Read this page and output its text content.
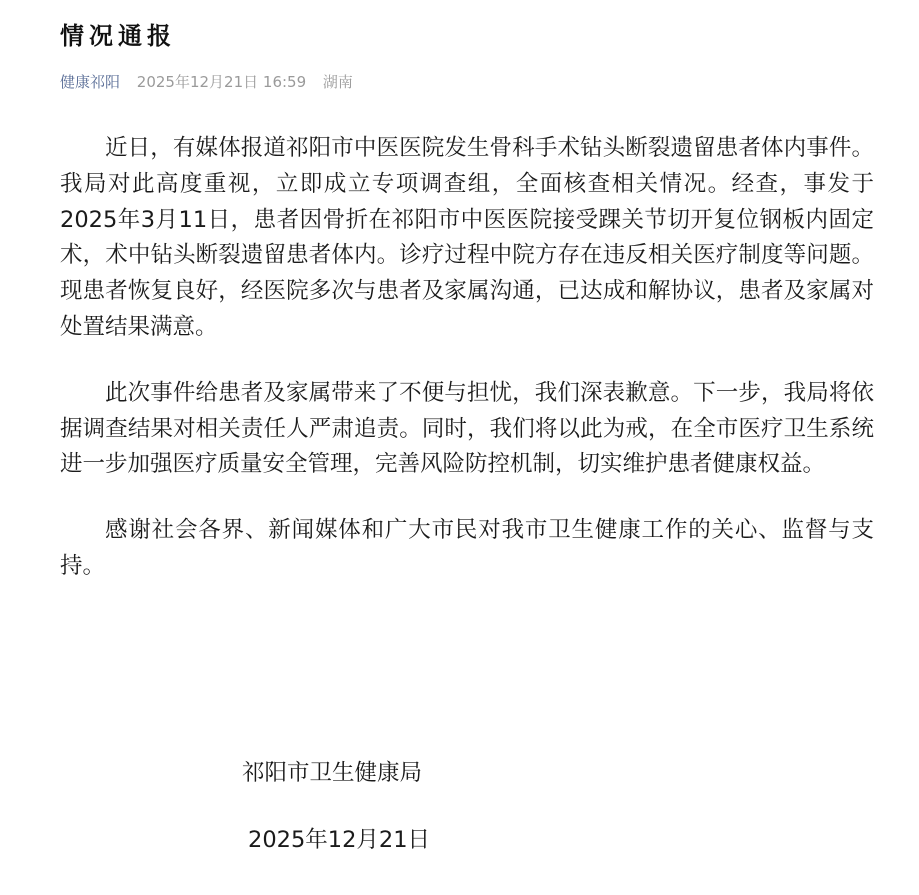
情况通报
健康祁阳 2025年12月21日 16:59 湖南

近日，有媒体报道祁阳市中医医院发生骨科手术钻头断裂遗留患者体内事件。我局对此高度重视，立即成立专项调查组，全面核查相关情况。经查，事发于2025年3月11日，患者因骨折在祁阳市中医医院接受踝关节切开复位钢板内固定术，术中钻头断裂遗留患者体内。诊疗过程中院方存在违反相关医疗制度等问题。现患者恢复良好，经医院多次与患者及家属沟通，已达成和解协议，患者及家属对处置结果满意。

此次事件给患者及家属带来了不便与担忧，我们深表歉意。下一步，我局将依据调查结果对相关责任人严肃追责。同时，我们将以此为戒，在全市医疗卫生系统进一步加强医疗质量安全管理，完善风险防控机制，切实维护患者健康权益。

感谢社会各界、新闻媒体和广大市民对我市卫生健康工作的关心、监督与支持。

祁阳市卫生健康局
2025年12月21日
